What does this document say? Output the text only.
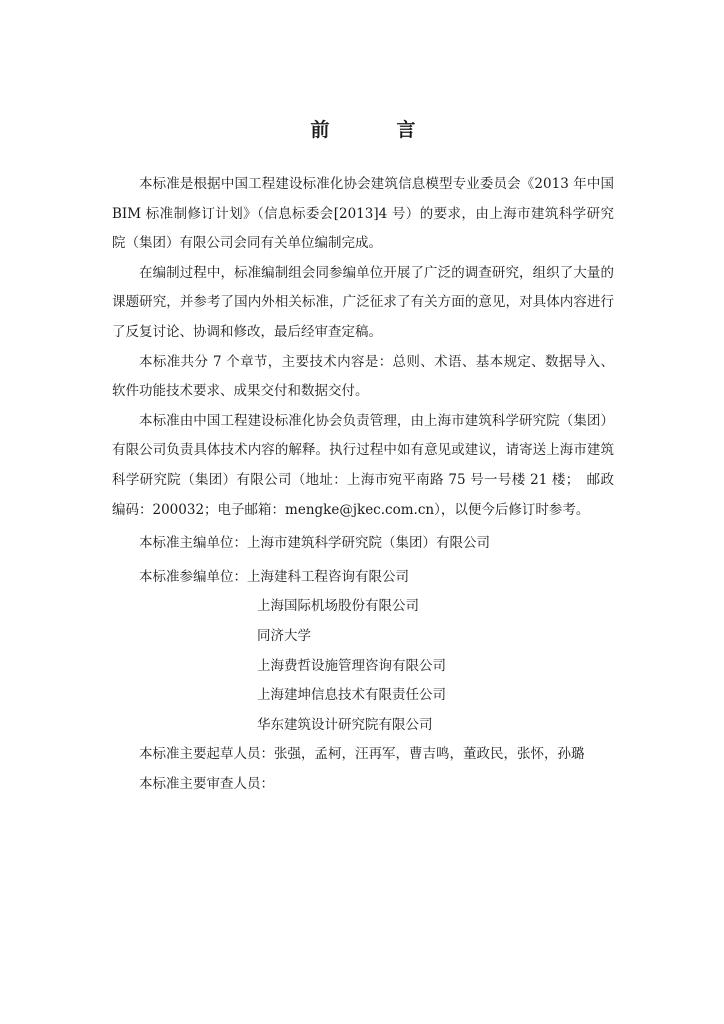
前　言

本标准是根据中国工程建设标准化协会建筑信息模型专业委员会《2013 年中国 BIM 标准制修订计划》（信息标委会[2013]4 号）的要求，由上海市建筑科学研究院（集团）有限公司会同有关单位编制完成。

在编制过程中，标准编制组会同参编单位开展了广泛的调查研究，组织了大量的课题研究，并参考了国内外相关标准，广泛征求了有关方面的意见，对具体内容进行了反复讨论、协调和修改，最后经审查定稿。

本标准共分 7 个章节，主要技术内容是：总则、术语、基本规定、数据导入、软件功能技术要求、成果交付和数据交付。

本标准由中国工程建设标准化协会负责管理，由上海市建筑科学研究院（集团）有限公司负责具体技术内容的解释。执行过程中如有意见或建议，请寄送上海市建筑科学研究院（集团）有限公司（地址：上海市宛平南路 75 号一号楼 21 楼；　邮政编码：200032；电子邮箱：mengke@jkec.com.cn），以便今后修订时参考。

本标准主编单位： 上海市建筑科学研究院（集团）有限公司
本标准参编单位： 上海建科工程咨询有限公司
上海国际机场股份有限公司
同济大学
上海费哲设施管理咨询有限公司
上海建坤信息技术有限责任公司
华东建筑设计研究院有限公司
本标准主要起草人员： 张强，孟柯，汪再军，曹吉鸣，董政民，张怀，孙璐
本标准主要审查人员：
